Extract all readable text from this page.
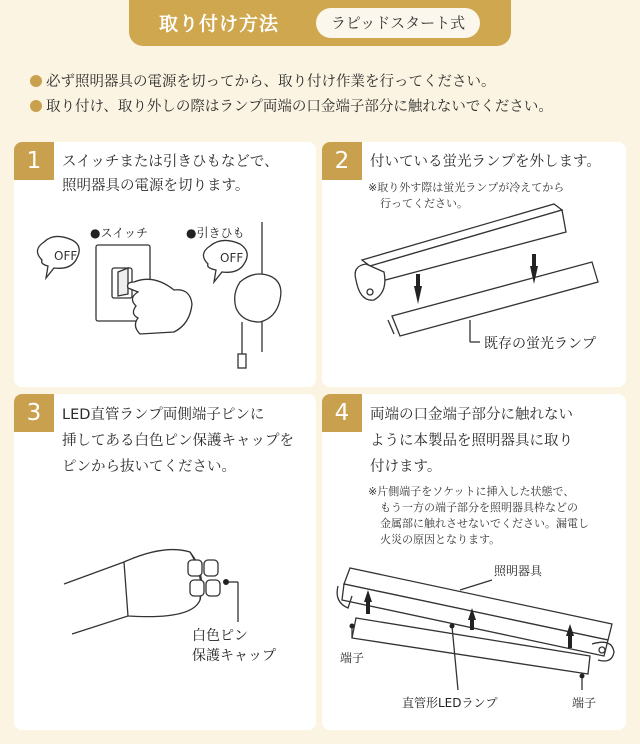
取り付け方法	ラピッドスタート式
必ず照明器具の電源を切ってから、取り付け作業を行ってください。
取り付け、取り外しの際はランプ両端の口金端子部分に触れないでください。
1	スイッチまたは引きひもなどで、
照明器具の電源を切ります。
●スイッチ	●引きひも
OFF	OFF
2	付いている蛍光ランプを外します。
※取り外す際は蛍光ランプが冷えてから
行ってください。
既存の蛍光ランプ
3	LED直管ランプ両側端子ピンに
挿してある白色ピン保護キャップを
ピンから抜いてください。
白色ピン
保護キャップ
4	両端の口金端子部分に触れない
ように本製品を照明器具に取り
付けます。
※片側端子をソケットに挿入した状態で、
もう一方の端子部分を照明器具枠などの
金属部に触れさせないでください。漏電し
火災の原因となります。
照明器具
端子
直管形LEDランプ	端子
